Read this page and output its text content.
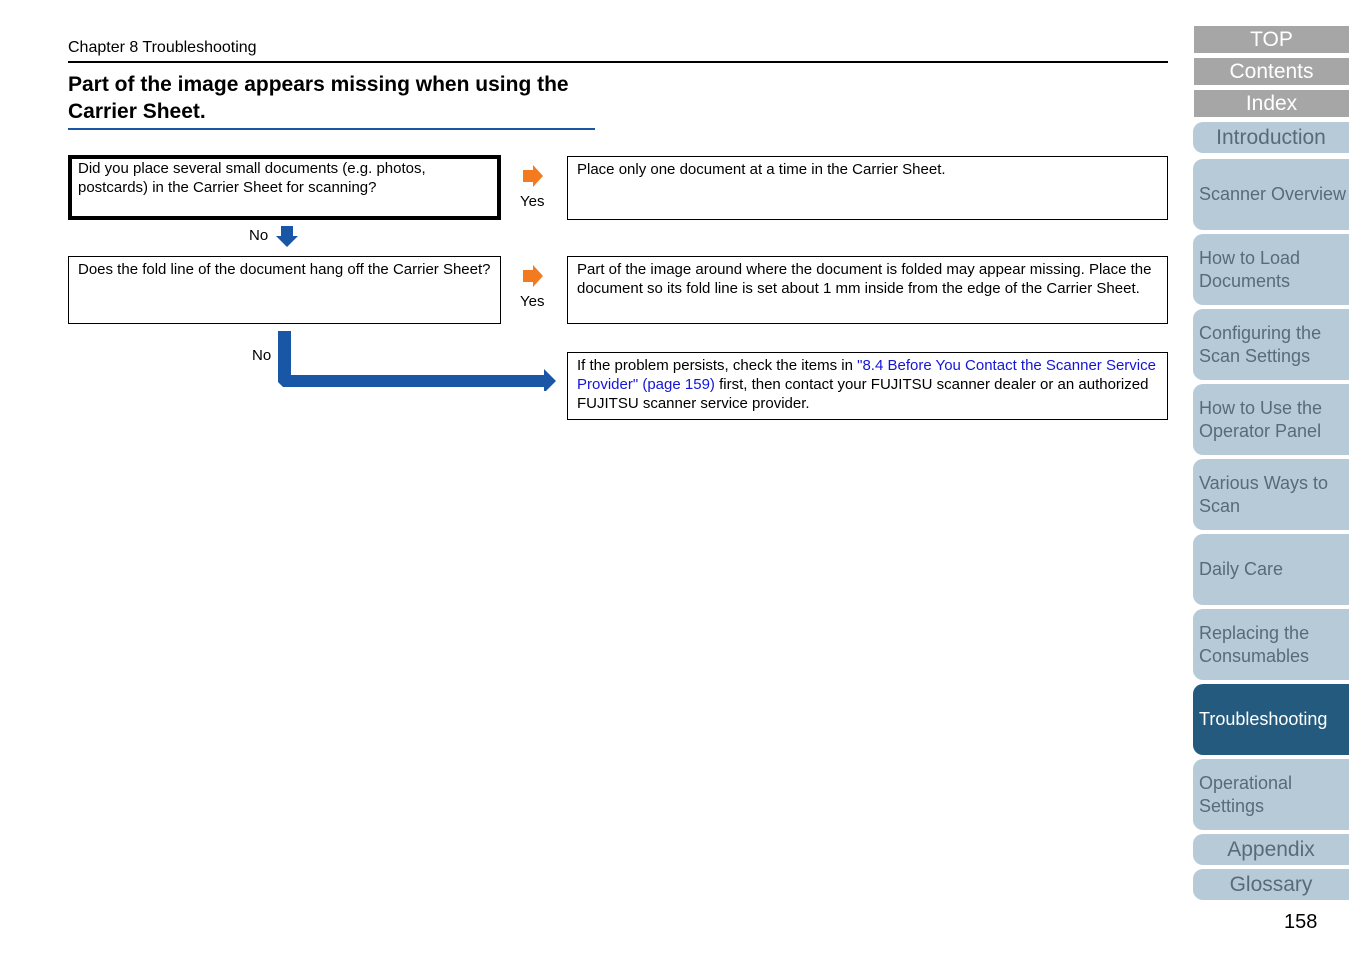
Chapter 8 Troubleshooting
Part of the image appears missing when using the Carrier Sheet.
Did you place several small documents (e.g. photos, postcards) in the Carrier Sheet for scanning?
Yes
Place only one document at a time in the Carrier Sheet.
No
Does the fold line of the document hang off the Carrier Sheet?
Yes
Part of the image around where the document is folded may appear missing. Place the document so its fold line is set about 1 mm inside from the edge of the Carrier Sheet.
No
If the problem persists, check the items in "8.4 Before You Contact the Scanner Service Provider" (page 159) first, then contact your FUJITSU scanner dealer or an authorized FUJITSU scanner service provider.
TOP
Contents
Index
Introduction
Scanner Overview
How to Load Documents
Configuring the Scan Settings
How to Use the Operator Panel
Various Ways to Scan
Daily Care
Replacing the Consumables
Troubleshooting
Operational Settings
Appendix
Glossary
158
